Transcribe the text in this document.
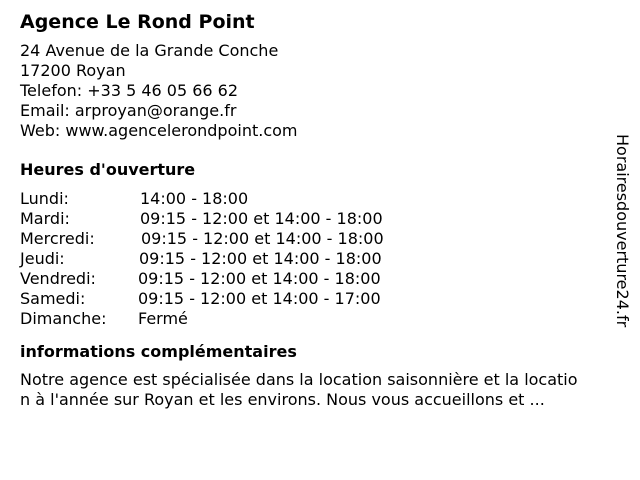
Agence Le Rond Point
24 Avenue de la Grande Conche
17200 Royan
Telefon: +33 5 46 05 66 62
Email: arproyan@orange.fr
Web: www.agencelerondpoint.com
Heures d'ouverture
Lundi:	14:00 - 18:00
Mardi:	09:15 - 12:00 et 14:00 - 18:00
Mercredi:	09:15 - 12:00 et 14:00 - 18:00
Jeudi:	09:15 - 12:00 et 14:00 - 18:00
Vendredi:	09:15 - 12:00 et 14:00 - 18:00
Samedi:	09:15 - 12:00 et 14:00 - 17:00
Dimanche: Fermé
informations complémentaires
Notre agence est spécialisée dans la location saisonnière et la location à l'année sur Royan et les environs. Nous vous accueillons et ...
Horairesdouverture24.fr
